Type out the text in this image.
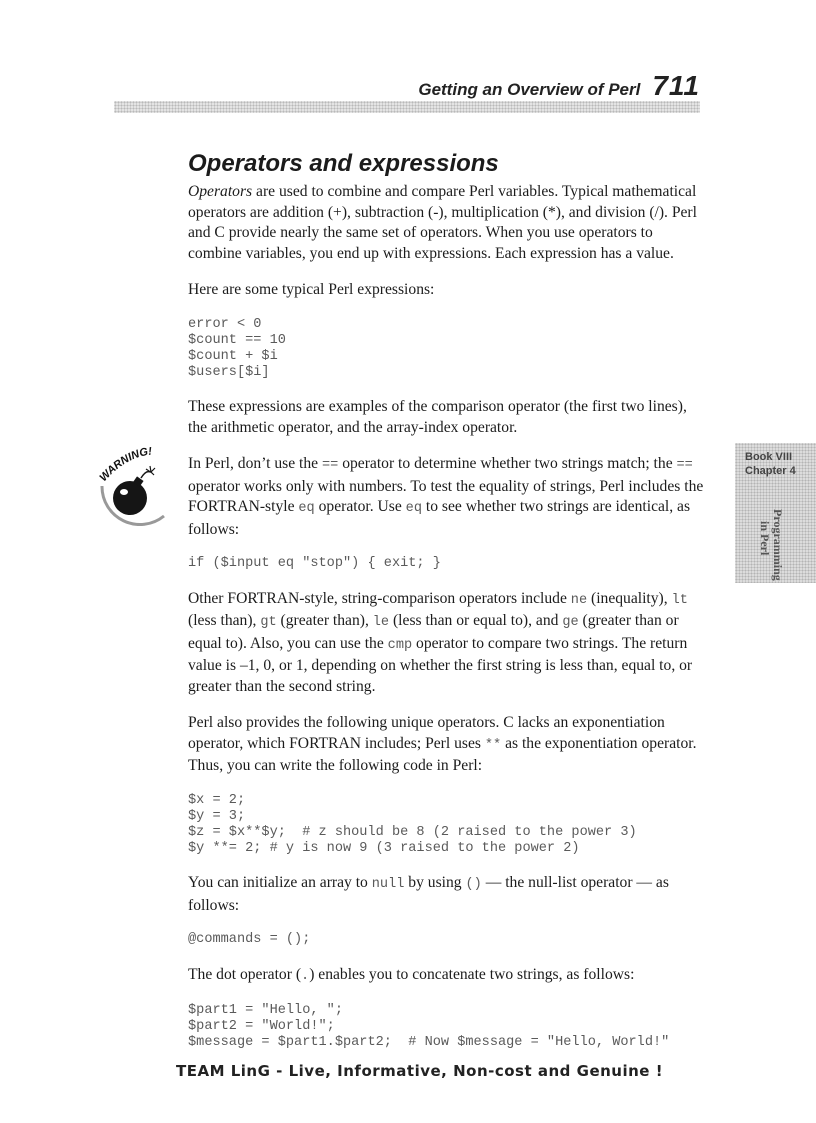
Getting an Overview of Perl 711
Operators and expressions

Operators are used to combine and compare Perl variables. Typical mathematical operators are addition (+), subtraction (-), multiplication (*), and division (/). Perl and C provide nearly the same set of operators. When you use operators to combine variables, you end up with expressions. Each expression has a value.

Here are some typical Perl expressions:

error < 0
$count == 10
$count + $i
$users[$i]

These expressions are examples of the comparison operator (the first two lines), the arithmetic operator, and the array-index operator.

WARNING!

In Perl, don’t use the == operator to determine whether two strings match; the == operator works only with numbers. To test the equality of strings, Perl includes the FORTRAN-style eq operator. Use eq to see whether two strings are identical, as follows:

if ($input eq "stop") { exit; }

Other FORTRAN-style, string-comparison operators include ne (inequality), lt (less than), gt (greater than), le (less than or equal to), and ge (greater than or equal to). Also, you can use the cmp operator to compare two strings. The return value is –1, 0, or 1, depending on whether the first string is less than, equal to, or greater than the second string.

Perl also provides the following unique operators. C lacks an exponentiation operator, which FORTRAN includes; Perl uses ** as the exponentiation operator. Thus, you can write the following code in Perl:

$x = 2;
$y = 3;
$z = $x**$y;  # z should be 8 (2 raised to the power 3)
$y **= 2; # y is now 9 (3 raised to the power 2)

You can initialize an array to null by using () — the null-list operator — as follows:

@commands = ();

The dot operator (.) enables you to concatenate two strings, as follows:

$part1 = "Hello, ";
$part2 = "World!";
$message = $part1.$part2;  # Now $message = "Hello, World!"
Book VIII
Chapter 4
Programming
in Perl
TEAM LinG - Live, Informative, Non-cost and Genuine !
